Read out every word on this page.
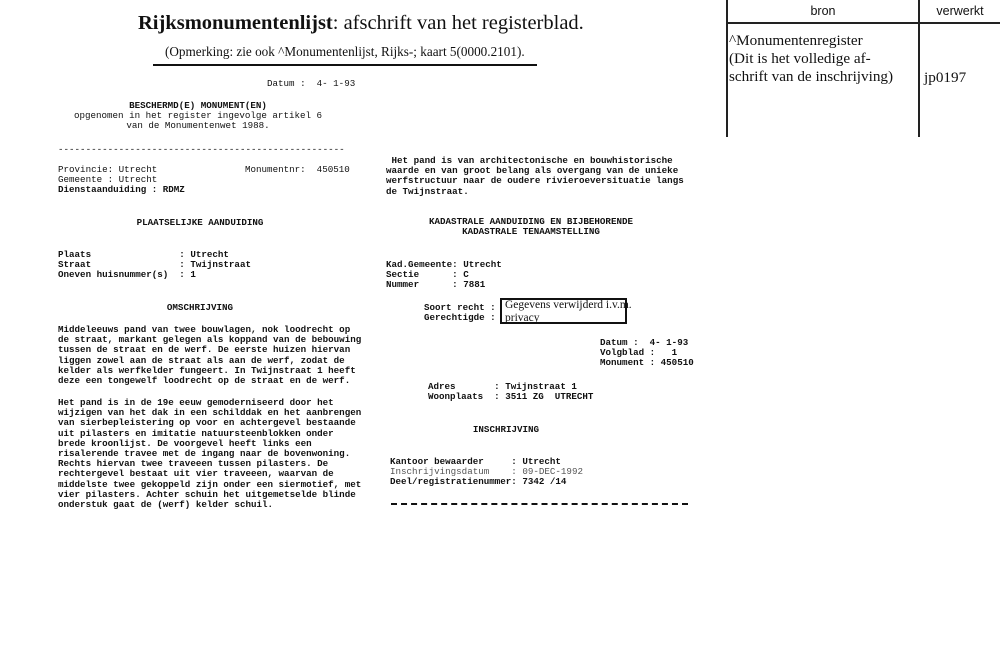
Rijksmonumentenlijst: afschrift van het registerblad.
(Opmerking: zie ook ^Monumentenlijst, Rijks-; kaart 5(0000.2101).
bron	verwerkt
^Monumentenregister
(Dit is het volledige af-
schrift van de inschrijving) jp0197
Datum :  4- 1-93
BESCHERMD(E) MONUMENT(EN)
opgenomen in het register ingevolge artikel 6
van de Monumentenwet 1988.
----------------------------------------------------
Provincie: Utrecht	Monumentnr:  450510
Gemeente : Utrecht
Dienstaanduiding : RDMZ
PLAATSELIJKE AANDUIDING
Plaats                : Utrecht
Straat                : Twijnstraat
Oneven huisnummer(s)  : 1
OMSCHRIJVING
Middeleeuws pand van twee bouwlagen, nok loodrecht op
de straat, markant gelegen als koppand van de bebouwing
tussen de straat en de werf. De eerste huizen hiervan
liggen zowel aan de straat als aan de werf, zodat de
kelder als werfkelder fungeert. In Twijnstraat 1 heeft
deze een tongewelf loodrecht op de straat en de werf.
Het pand is in de 19e eeuw gemoderniseerd door het
wijzigen van het dak in een schilddak en het aanbrengen
van sierbepleistering op voor en achtergevel bestaande
uit pilasters en imitatie natuursteenblokken onder
brede kroonlijst. De voorgevel heeft links een
risalerende travee met de ingang naar de bovenwoning.
Rechts hiervan twee traveeen tussen pilasters. De
rechtergevel bestaat uit vier traveeen, waarvan de
middelste twee gekoppeld zijn onder een siermotief, met
vier pilasters. Achter schuin het uitgemetselde blinde
onderstuk gaat de (werf) kelder schuil.
Het pand is van architectonische en bouwhistorische
waarde en van groot belang als overgang van de unieke
werfstructuur naar de oudere rivieroeversituatie langs
de Twijnstraat.
KADASTRALE AANDUIDING EN BIJBEHORENDE
KADASTRALE TENAAMSTELLING
Kad.Gemeente: Utrecht
Sectie      : C
Nummer      : 7881
Soort recht :
Gerechtigde :
Gegevens verwijderd i.v.m.
privacy
Datum :  4- 1-93
Volgblad :   1
Monument : 450510
Adres       : Twijnstraat 1
Woonplaats  : 3511 ZG  UTRECHT
INSCHRIJVING
Kantoor bewaarder     : Utrecht
Inschrijvingsdatum    : 09-DEC-1992
Deel/registratienummer: 7342 /14
